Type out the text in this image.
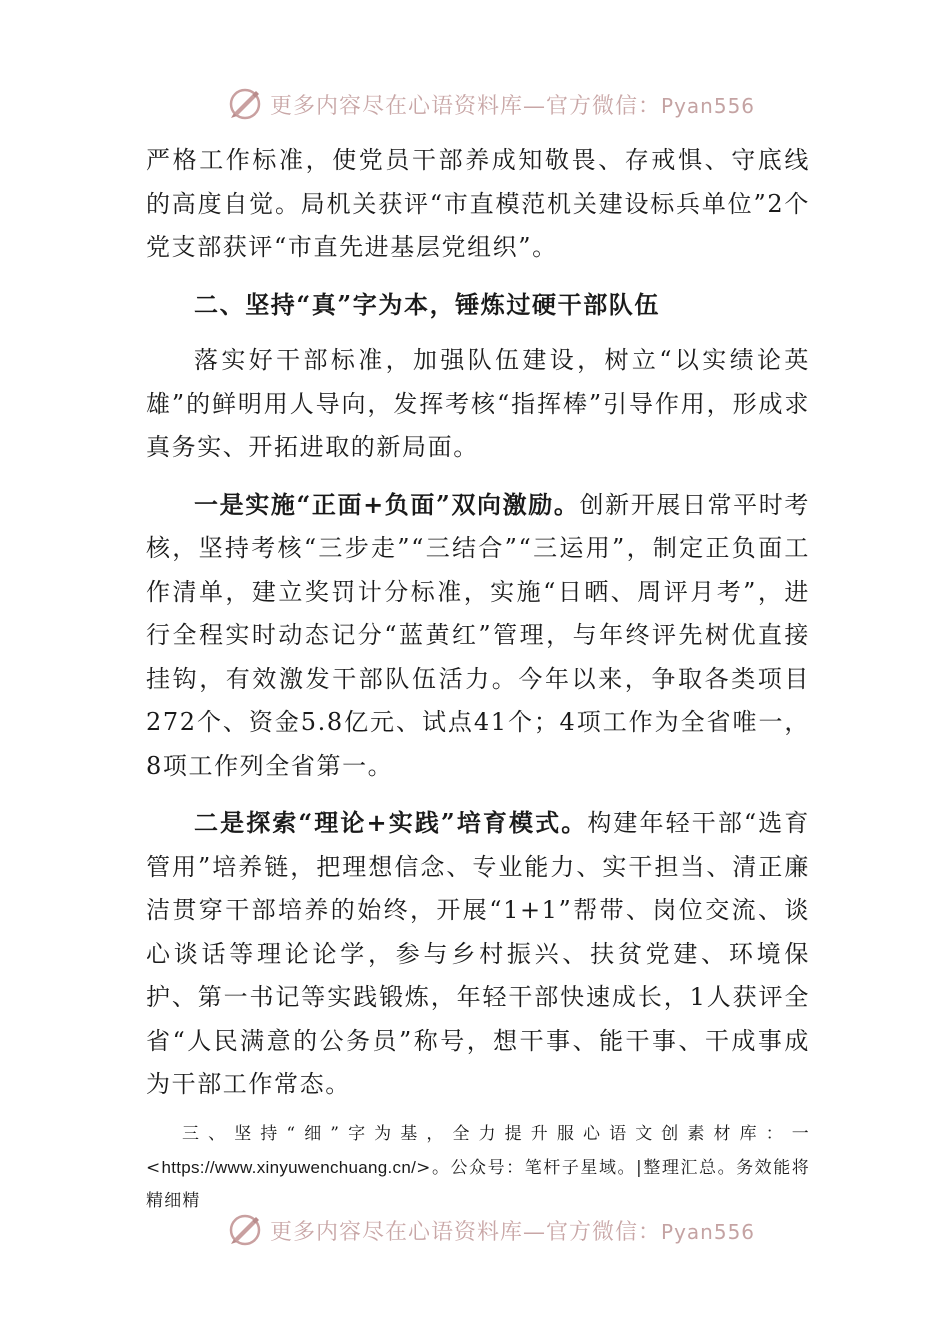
更多内容尽在心语资料库—官方微信：Pyan556

严格工作标准，使党员干部养成知敬畏、存戒惧、守底线的高度自觉。局机关获评“市直模范机关建设标兵单位”2个党支部获评“市直先进基层党组织”。

二、坚持“真”字为本，锤炼过硬干部队伍

落实好干部标准，加强队伍建设，树立“以实绩论英雄”的鲜明用人导向，发挥考核“指挥棒”引导作用，形成求真务实、开拓进取的新局面。

一是实施“正面+负面”双向激励。创新开展日常平时考核，坚持考核“三步走”“三结合”“三运用”，制定正负面工作清单，建立奖罚计分标准，实施“日晒、周评月考”，进行全程实时动态记分“蓝黄红”管理，与年终评先树优直接挂钩，有效激发干部队伍活力。今年以来，争取各类项目272个、资金5.8亿元、试点41个；4项工作为全省唯一，8项工作列全省第一。

二是探索“理论+实践”培育模式。构建年轻干部“选育管用”培养链，把理想信念、专业能力、实干担当、清正廉洁贯穿干部培养的始终，开展“1+1”帮带、岗位交流、谈心谈话等理论论学，参与乡村振兴、扶贫党建、环境保护、第一书记等实践锻炼，年轻干部快速成长，1人获评全省“人民满意的公务员”称号，想干事、能干事、干成事成为干部工作常态。

三、坚持“细”字为基，全力提升服心语文创素材库：一<https://www.xinyuwenchuang.cn/>。公众号：笔杆子星域。|整理汇总。务效能将精细精
更多内容尽在心语资料库—官方微信：Pyan556
